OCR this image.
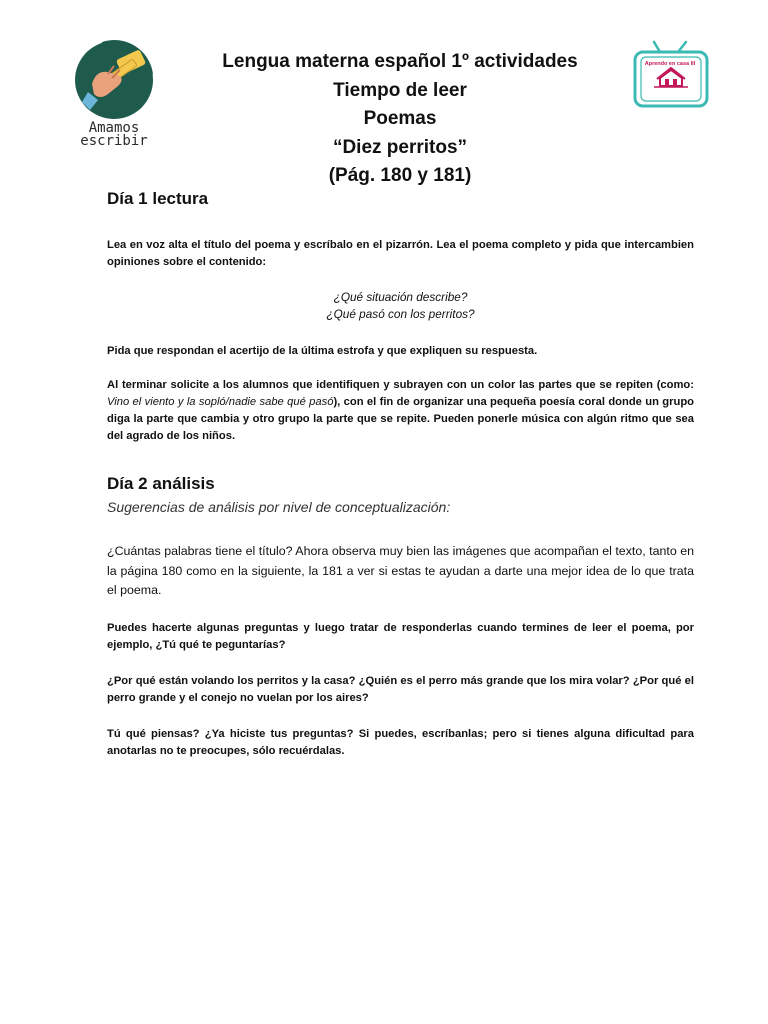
Amamos
escribir
Lengua materna español 1º actividades
Tiempo de leer
Poemas
“Diez perritos”
(Pág. 180 y 181)
Aprendo en casa III
Día 1 lectura
Lea en voz alta el título del poema y escríbalo en el pizarrón. Lea el poema completo y pida que intercambien opiniones sobre el contenido:
¿Qué situación describe?
¿Qué pasó con los perritos?
Pida que respondan el acertijo de la última estrofa y que expliquen su respuesta.
Al terminar solicite a los alumnos que identifiquen y subrayen con un color las partes que se repiten (como: Vino el viento y la sopló/nadie sabe qué pasó), con el fin de organizar una pequeña poesía coral donde un grupo diga la parte que cambia y otro grupo la parte que se repite. Pueden ponerle música con algún ritmo que sea del agrado de los niños.
Día 2 análisis
Sugerencias de análisis por nivel de conceptualización:
¿Cuántas palabras tiene el título? Ahora observa muy bien las imágenes que acompañan el texto, tanto en la página 180 como en la siguiente, la 181 a ver si estas te ayudan a darte una mejor idea de lo que trata el poema.
Puedes hacerte algunas preguntas y luego tratar de responderlas cuando termines de leer el poema, por ejemplo, ¿Tú qué te peguntarías?
¿Por qué están volando los perritos y la casa? ¿Quién es el perro más grande que los mira volar? ¿Por qué el perro grande y el conejo no vuelan por los aires?
Tú qué piensas? ¿Ya hiciste tus preguntas? Si puedes, escríbanlas; pero si tienes alguna dificultad para anotarlas no te preocupes, sólo recuérdalas.
